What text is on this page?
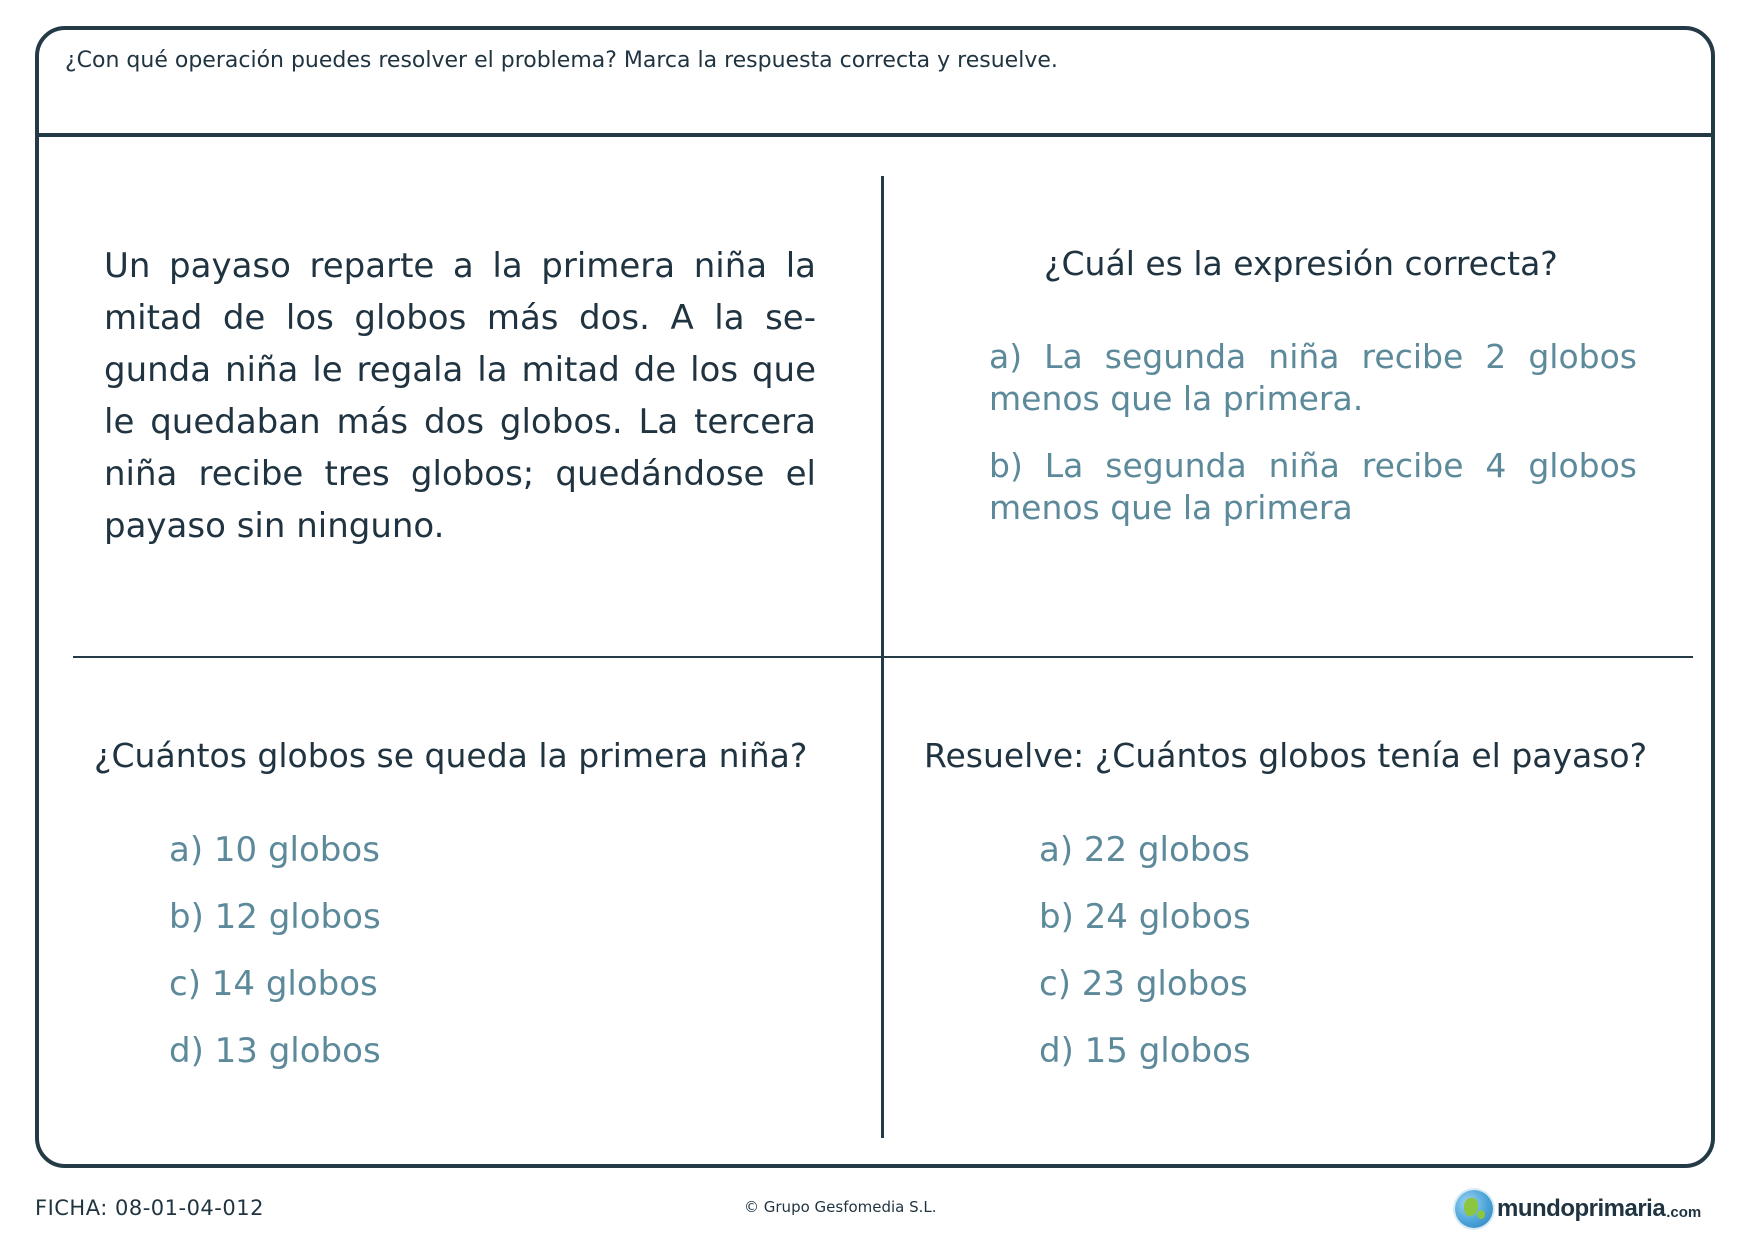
¿Con qué operación puedes resolver el problema? Marca la respuesta correcta y resuelve.
Un payaso reparte a la primera niña la mitad de los globos más dos. A la se-gunda niña le regala la mitad de los que le quedaban más dos globos. La tercera niña recibe tres globos; quedándose el payaso sin ninguno.
¿Cuál es la expresión correcta?
a) La segunda niña recibe 2 globos menos que la primera.
b) La segunda niña recibe 4 globos menos que la primera
¿Cuántos globos se queda la primera niña?
a) 10 globos
b) 12 globos
c) 14 globos
d) 13 globos
Resuelve: ¿Cuántos globos tenía el payaso?
a) 22 globos
b) 24 globos
c) 23 globos
d) 15 globos
FICHA: 08-01-04-012	© Grupo Gesfomedia S.L.	mundoprimaria .com
